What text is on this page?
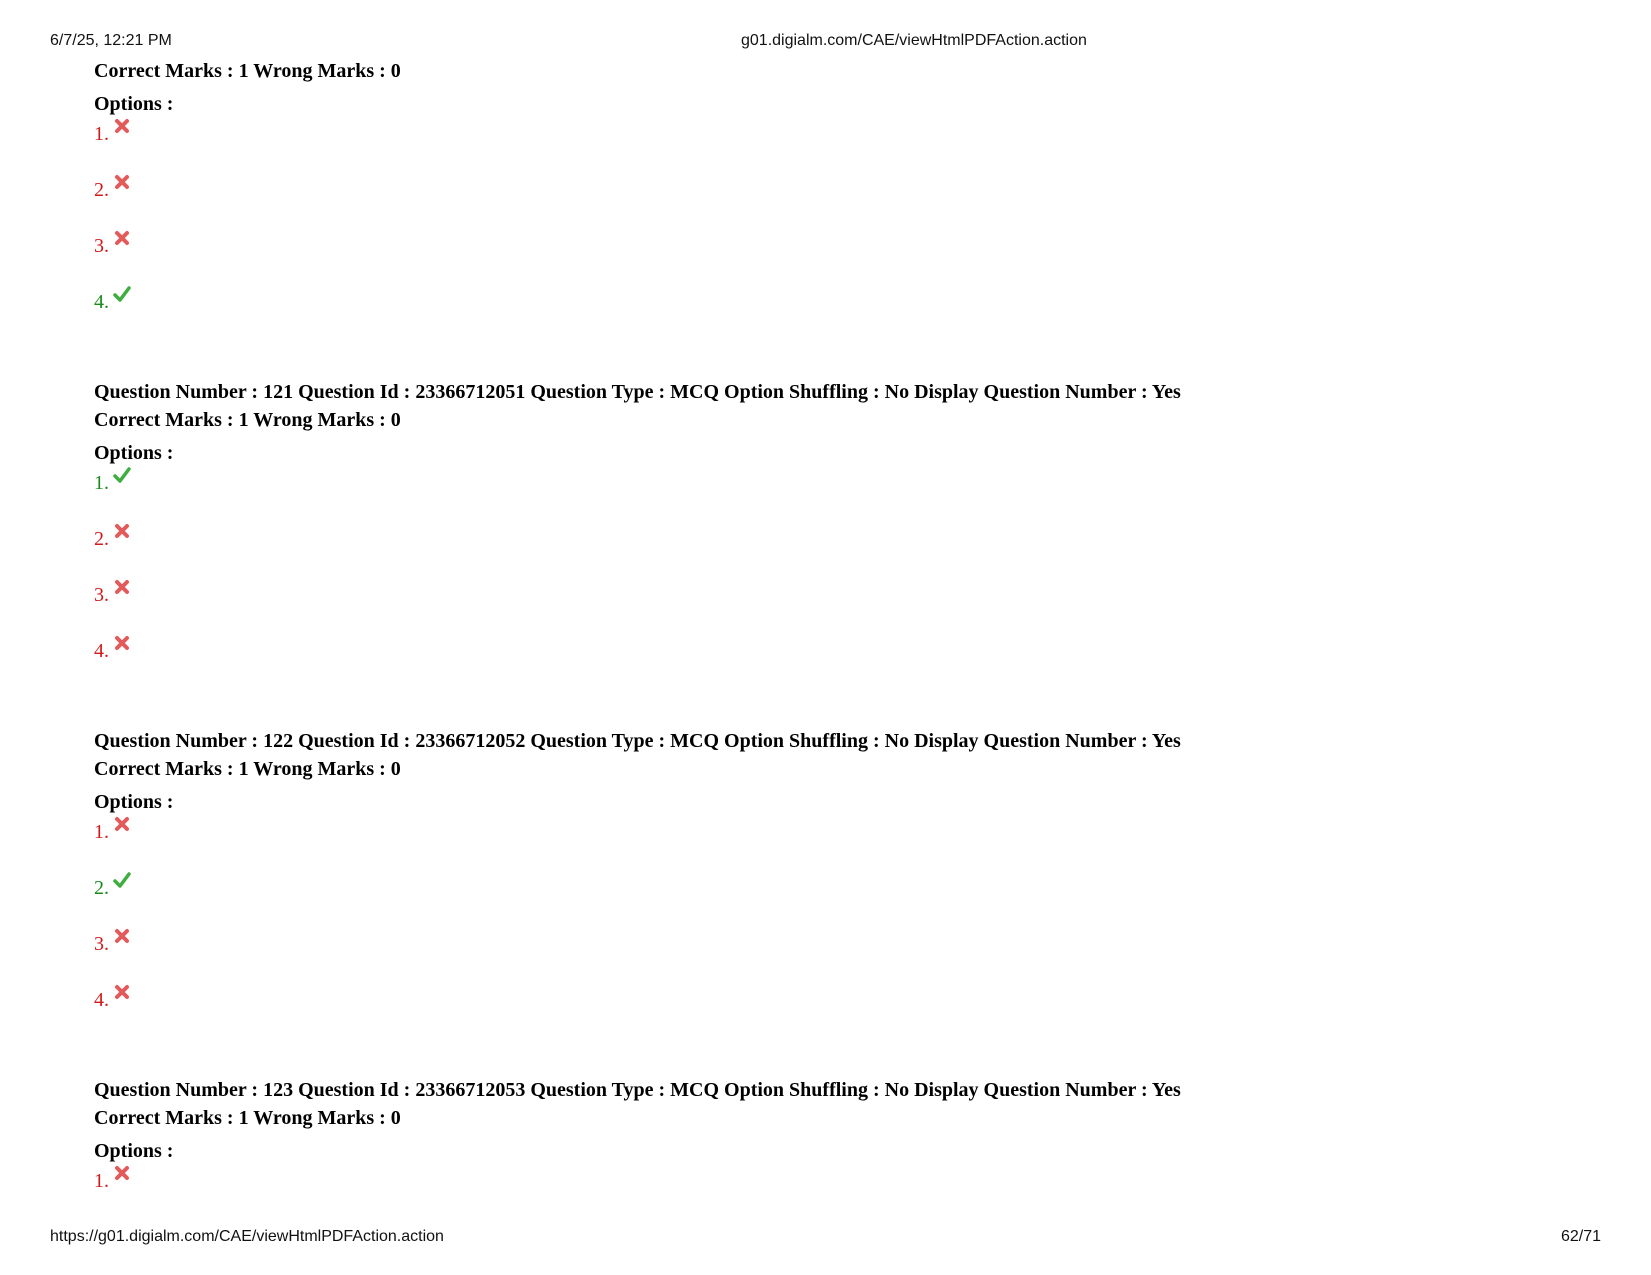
6/7/25, 12:21 PM	g01.digialm.com/CAE/viewHtmlPDFAction.action
Correct Marks : 1 Wrong Marks : 0
Options :
1.
2.
3.
4.
Question Number : 121 Question Id : 23366712051 Question Type : MCQ Option Shuffling : No Display Question Number : Yes
Correct Marks : 1 Wrong Marks : 0
Options :
1.
2.
3.
4.
Question Number : 122 Question Id : 23366712052 Question Type : MCQ Option Shuffling : No Display Question Number : Yes
Correct Marks : 1 Wrong Marks : 0
Options :
1.
2.
3.
4.
Question Number : 123 Question Id : 23366712053 Question Type : MCQ Option Shuffling : No Display Question Number : Yes
Correct Marks : 1 Wrong Marks : 0
Options :
1.
https://g01.digialm.com/CAE/viewHtmlPDFAction.action	62/71
